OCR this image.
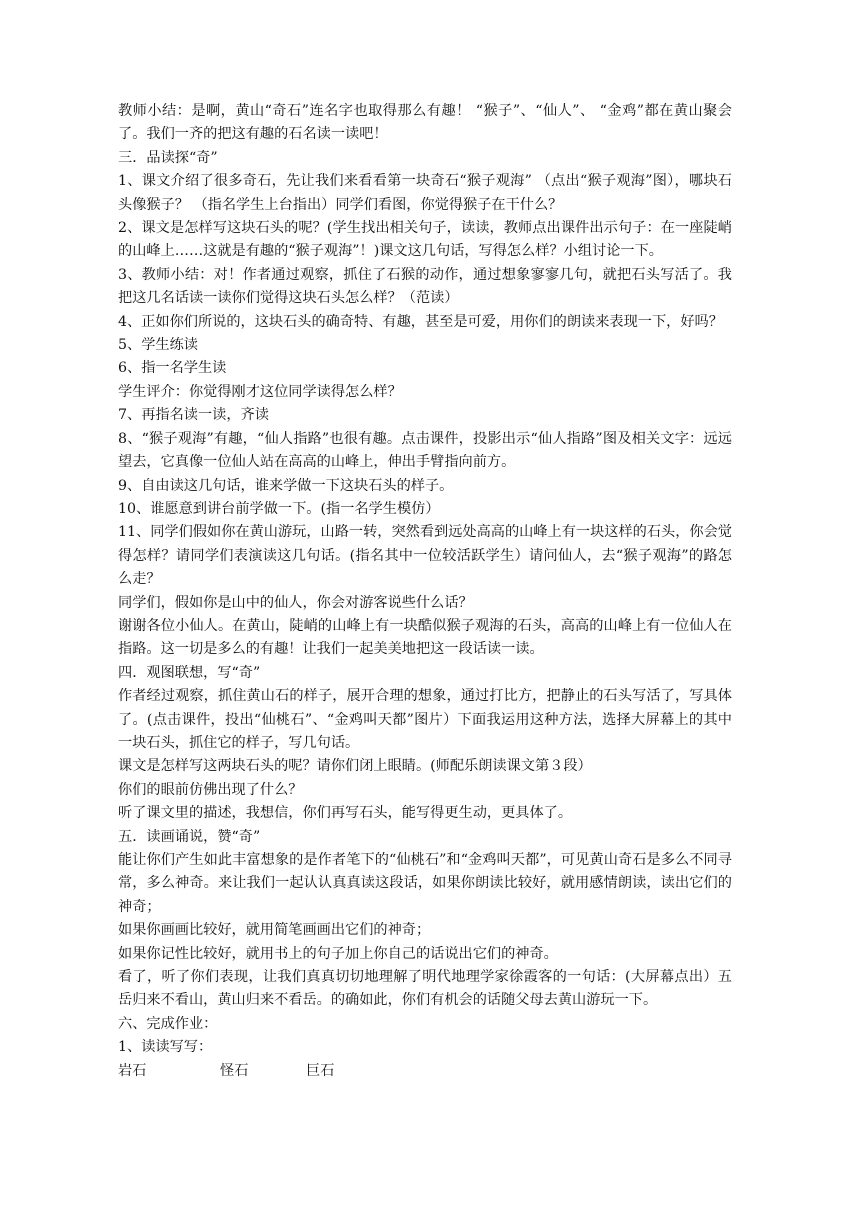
教师小结：是啊，黄山“奇石”连名字也取得那么有趣！ “猴子”、“仙人”、 “金鸡”都在黄山聚会了。我们一齐的把这有趣的石名读一读吧！

三．品读探“奇”

1、课文介绍了很多奇石，先让我们来看看第一块奇石“猴子观海” （点出“猴子观海”图），哪块石头像猴子？ （指名学生上台指出）同学们看图，你觉得猴子在干什么？

2、课文是怎样写这块石头的呢？(学生找出相关句子，读读，教师点出课件出示句子：在一座陡峭的山峰上……这就是有趣的“猴子观海”！)课文这几句话，写得怎么样？小组讨论一下。

3、教师小结：对！作者通过观察，抓住了石猴的动作，通过想象寥寥几句，就把石头写活了。我把这几名话读一读你们觉得这块石头怎么样？（范读）

4、正如你们所说的，这块石头的确奇特、有趣，甚至是可爱，用你们的朗读来表现一下，好吗？

5、学生练读

6、指一名学生读

学生评介：你觉得刚才这位同学读得怎么样？

7、再指名读一读，齐读

8、“猴子观海”有趣，“仙人指路”也很有趣。点击课件，投影出示“仙人指路”图及相关文字：远远望去，它真像一位仙人站在高高的山峰上，伸出手臂指向前方。

9、自由读这几句话，谁来学做一下这块石头的样子。

10、谁愿意到讲台前学做一下。(指一名学生模仿）

11、同学们假如你在黄山游玩，山路一转，突然看到远处高高的山峰上有一块这样的石头，你会觉得怎样？请同学们表演读这几句话。(指名其中一位较活跃学生）请问仙人，去“猴子观海”的路怎么走？

同学们，假如你是山中的仙人，你会对游客说些什么话？

谢谢各位小仙人。在黄山，陡峭的山峰上有一块酷似猴子观海的石头，高高的山峰上有一位仙人在指路。这一切是多么的有趣！让我们一起美美地把这一段话读一读。

四．观图联想，写“奇”

作者经过观察，抓住黄山石的样子，展开合理的想象，通过打比方，把静止的石头写活了，写具体了。(点击课件，投出“仙桃石”、“金鸡叫天都”图片）下面我运用这种方法，选择大屏幕上的其中一块石头，抓住它的样子，写几句话。

课文是怎样写这两块石头的呢？请你们闭上眼睛。(师配乐朗读课文第３段）

你们的眼前仿佛出现了什么？

听了课文里的描述，我想信，你们再写石头，能写得更生动，更具体了。

五．读画诵说，赞“奇”

能让你们产生如此丰富想象的是作者笔下的“仙桃石”和“金鸡叫天都”，可见黄山奇石是多么不同寻常，多么神奇。来让我们一起认认真真读这段话，如果你朗读比较好，就用感情朗读，读出它们的神奇；

如果你画画比较好，就用简笔画画出它们的神奇；

如果你记性比较好，就用书上的句子加上你自己的话说出它们的神奇。

看了，听了你们表现，让我们真真切切地理解了明代地理学家徐霞客的一句话：(大屏幕点出）五岳归来不看山，黄山归来不看岳。的确如此，你们有机会的话随父母去黄山游玩一下。

六、完成作业：

1、读读写写：

岩石	怪石	巨石
